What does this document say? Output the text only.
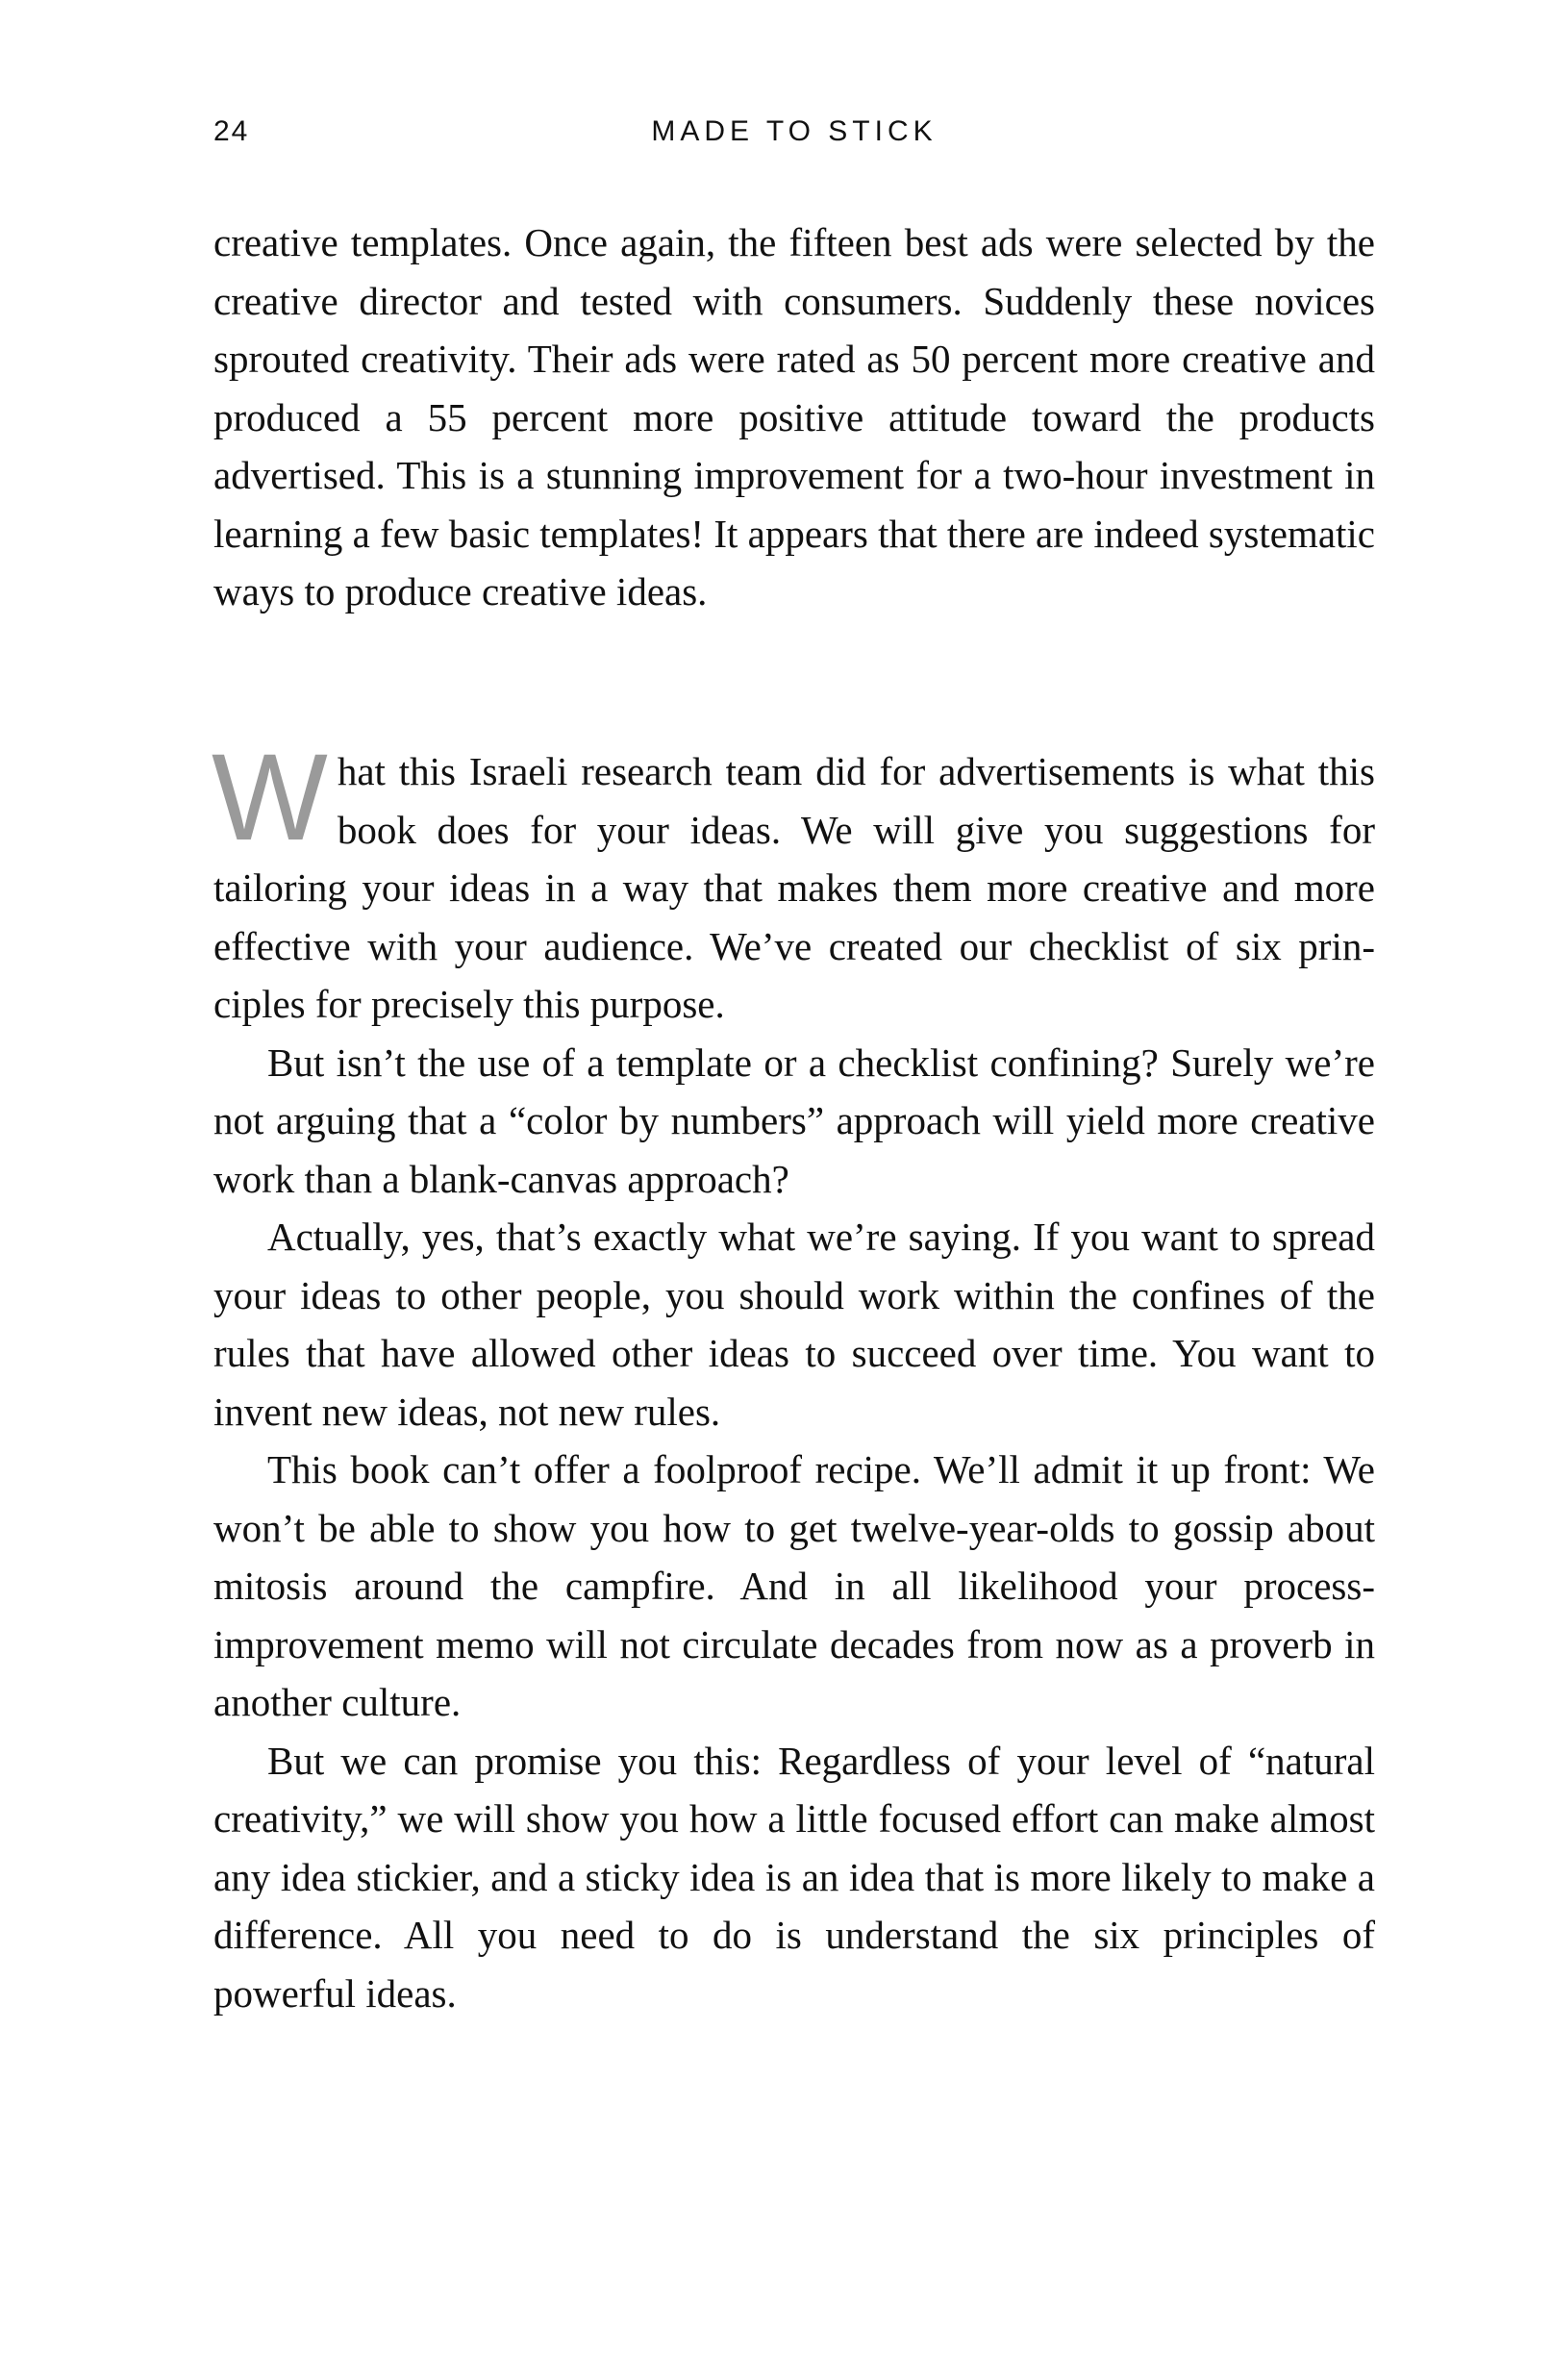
24	MADE TO STICK

creative templates. Once again, the fifteen best ads were selected by the creative director and tested with consumers. Suddenly these novices sprouted creativity. Their ads were rated as 50 percent more creative and produced a 55 percent more positive attitude toward the products advertised. This is a stunning improvement for a two-hour investment in learning a few basic templates! It appears that there are indeed systematic ways to produce creative ideas.

What this Israeli research team did for advertisements is what this book does for your ideas. We will give you suggestions for tailoring your ideas in a way that makes them more creative and more effective with your audience. We’ve created our checklist of six principles for precisely this purpose.

But isn’t the use of a template or a checklist confining? Surely we’re not arguing that a “color by numbers” approach will yield more creative work than a blank-canvas approach?

Actually, yes, that’s exactly what we’re saying. If you want to spread your ideas to other people, you should work within the confines of the rules that have allowed other ideas to succeed over time. You want to invent new ideas, not new rules.

This book can’t offer a foolproof recipe. We’ll admit it up front: We won’t be able to show you how to get twelve-year-olds to gossip about mitosis around the campfire. And in all likelihood your process-improvement memo will not circulate decades from now as a proverb in another culture.

But we can promise you this: Regardless of your level of “natural creativity,” we will show you how a little focused effort can make almost any idea stickier, and a sticky idea is an idea that is more likely to make a difference. All you need to do is understand the six principles of powerful ideas.
